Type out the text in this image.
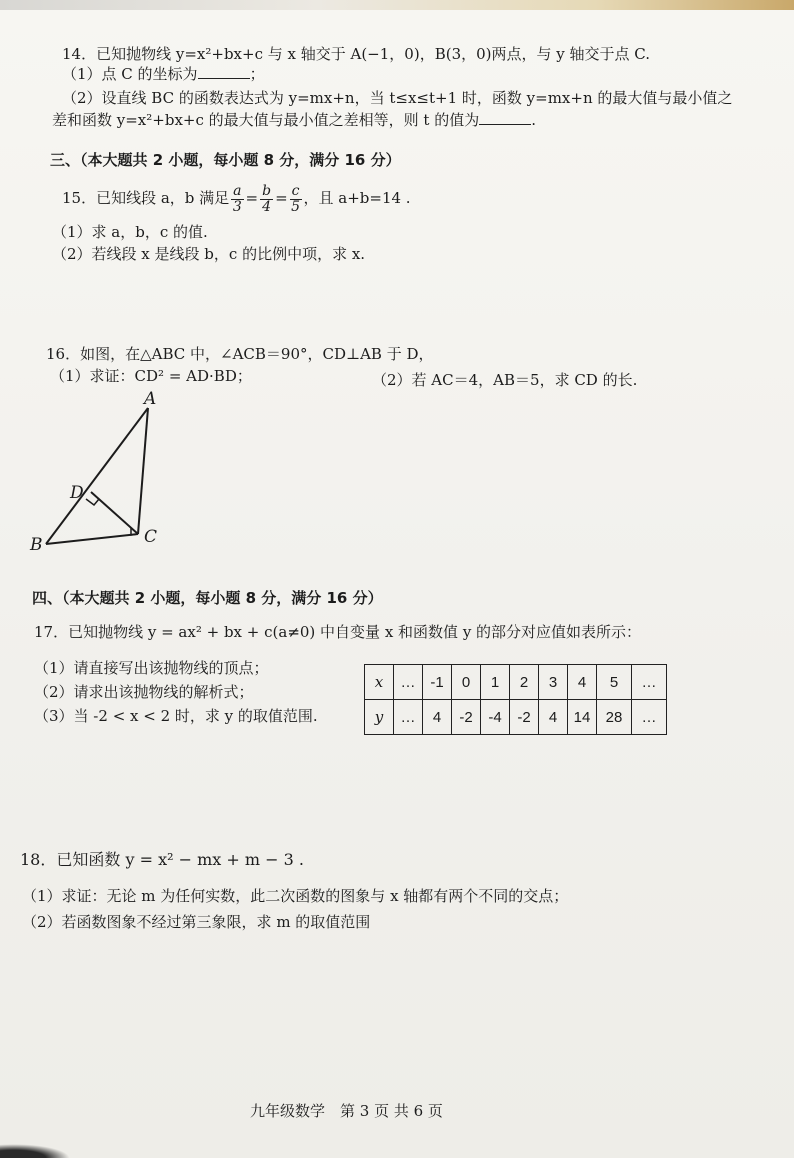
14．已知抛物线 y=x²+bx+c 与 x 轴交于 A(−1，0)，B(3，0)两点，与 y 轴交于点 C.
（1）点 C 的坐标为	；
（2）设直线 BC 的函数表达式为 y=mx+n，当 t≤x≤t+1 时，函数 y=mx+n 的最大值与最小值之
差和函数 y=x²+bx+c 的最大值与最小值之差相等，则 t 的值为	.
三、（本大题共 2 小题，每小题 8 分，满分 16 分）
15．已知线段 a，b 满足 $\frac{a}{3} = \frac{b}{4} = \frac{c}{5}$ ，且 a+b=14 .
（1）求 a，b，c 的值.
（2）若线段 x 是线段 b，c 的比例中项，求 x.
16．如图，在△ABC 中，∠ACB＝90°，CD⊥AB 于 D，
（1）求证：CD² = AD·BD；	（2）若 AC＝4，AB＝5，求 CD 的长.
A
B	C
D
四、（本大题共 2 小题，每小题 8 分，满分 16 分）
17．已知抛物线 y = ax² + bx + c(a≠0) 中自变量 x 和函数值 y 的部分对应值如表所示：
（1）请直接写出该抛物线的顶点；
（2）请求出该抛物线的解析式；
（3）当 -2 < x < 2 时，求 y 的取值范围.
x	…	-1	0	1	2	3	4	5	…
y	…	4	-2	-4	-2	4	14	28	…
18．已知函数 y = x² − mx + m − 3 .
（1）求证：无论 m 为任何实数，此二次函数的图象与 x 轴都有两个不同的交点；
（2）若函数图象不经过第三象限，求 m 的取值范围
九年级数学　第 3 页 共 6 页
